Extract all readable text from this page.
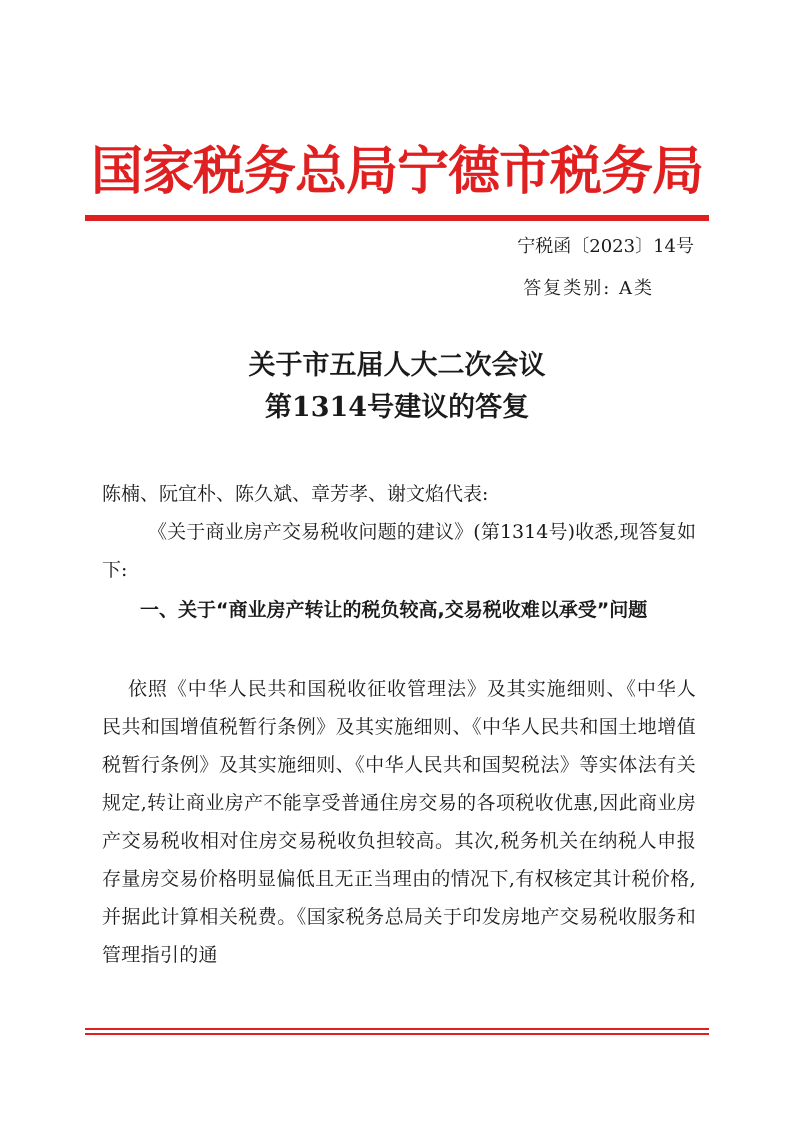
国家税务总局宁德市税务局
宁税函〔2023〕14号
答复类别: A类
关于市五届人大二次会议
第1314号建议的答复
陈楠、阮宜朴、陈久斌、章芳孝、谢文焰代表:
《关于商业房产交易税收问题的建议》(第1314号)收悉,现答复如下:
一、关于“商业房产转让的税负较高,交易税收难以承受”问题
依照《中华人民共和国税收征收管理法》及其实施细则、《中华人民共和国增值税暂行条例》及其实施细则、《中华人民共和国土地增值税暂行条例》及其实施细则、《中华人民共和国契税法》等实体法有关规定,转让商业房产不能享受普通住房交易的各项税收优惠,因此商业房产交易税收相对住房交易税收负担较高。其次,税务机关在纳税人申报存量房交易价格明显偏低且无正当理由的情况下,有权核定其计税价格,并据此计算相关税费。《国家税务总局关于印发房地产交易税收服务和管理指引的通
